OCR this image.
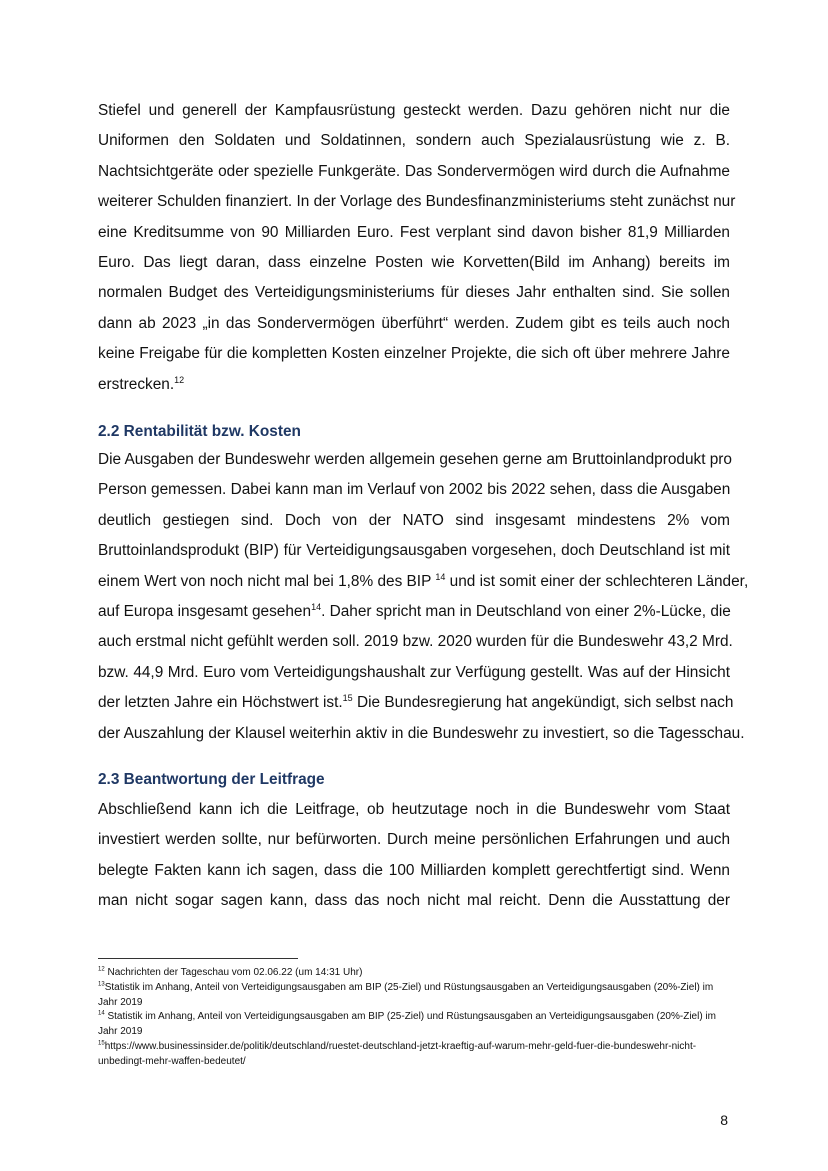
Stiefel und generell der Kampfausrüstung gesteckt werden. Dazu gehören nicht nur die
Uniformen den Soldaten und Soldatinnen, sondern auch Spezialausrüstung wie z. B.
Nachtsichtgeräte oder spezielle Funkgeräte. Das Sondervermögen wird durch die Aufnahme
weiterer Schulden finanziert. In der Vorlage des Bundesfinanzministeriums steht zunächst nur
eine Kreditsumme von 90 Milliarden Euro. Fest verplant sind davon bisher 81,9 Milliarden
Euro. Das liegt daran, dass einzelne Posten wie Korvetten(Bild im Anhang) bereits im
normalen Budget des Verteidigungsministeriums für dieses Jahr enthalten sind. Sie sollen
dann ab 2023 „in das Sondervermögen überführt“ werden. Zudem gibt es teils auch noch
keine Freigabe für die kompletten Kosten einzelner Projekte, die sich oft über mehrere Jahre
erstrecken.$^{12}$
2.2 Rentabilität bzw. Kosten
Die Ausgaben der Bundeswehr werden allgemein gesehen gerne am Bruttoinlandprodukt pro
Person gemessen. Dabei kann man im Verlauf von 2002 bis 2022 sehen, dass die Ausgaben
deutlich gestiegen sind. Doch von der NATO sind insgesamt mindestens 2% vom
Bruttoinlandsprodukt (BIP) für Verteidigungsausgaben vorgesehen, doch Deutschland ist mit
einem Wert von noch nicht mal bei 1,8% des BIP $^{14}$ und ist somit einer der schlechteren Länder,
auf Europa insgesamt gesehen$^{14}$. Daher spricht man in Deutschland von einer 2%-Lücke, die
auch erstmal nicht gefühlt werden soll. 2019 bzw. 2020 wurden für die Bundeswehr 43,2 Mrd.
bzw. 44,9 Mrd. Euro vom Verteidigungshaushalt zur Verfügung gestellt. Was auf der Hinsicht
der letzten Jahre ein Höchstwert ist.$^{15}$ Die Bundesregierung hat angekündigt, sich selbst nach
der Auszahlung der Klausel weiterhin aktiv in die Bundeswehr zu investiert, so die Tagesschau.
2.3 Beantwortung der Leitfrage
Abschließend kann ich die Leitfrage, ob heutzutage noch in die Bundeswehr vom Staat
investiert werden sollte, nur befürworten. Durch meine persönlichen Erfahrungen und auch
belegte Fakten kann ich sagen, dass die 100 Milliarden komplett gerechtfertigt sind. Wenn
man nicht sogar sagen kann, dass das noch nicht mal reicht. Denn die Ausstattung der

$^{12}$ Nachrichten der Tageschau vom 02.06.22 (um 14:31 Uhr)

$^{13}$Statistik im Anhang, Anteil von Verteidigungsausgaben am BIP (25-Ziel) und Rüstungsausgaben an Verteidigungsausgaben (20%-Ziel) im Jahr 2019

$^{14}$ Statistik im Anhang, Anteil von Verteidigungsausgaben am BIP (25-Ziel) und Rüstungsausgaben an Verteidigungsausgaben (20%-Ziel) im Jahr 2019

$^{15}$https://www.businessinsider.de/politik/deutschland/ruestet-deutschland-jetzt-kraeftig-auf-warum-mehr-geld-fuer-die-bundeswehr-nicht-unbedingt-mehr-waffen-bedeutet/

8
